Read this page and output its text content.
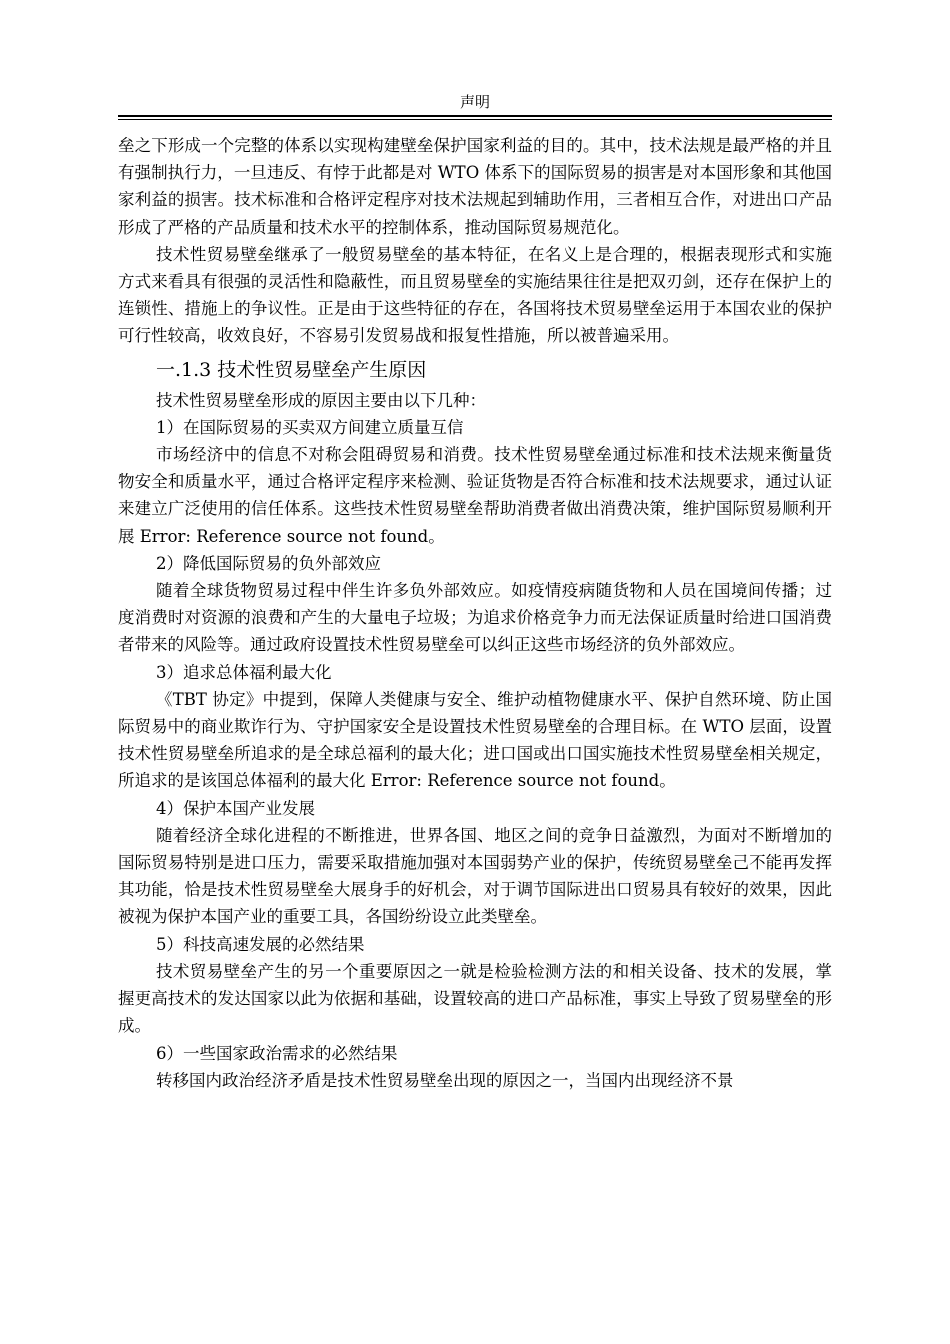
声明

垒之下形成一个完整的体系以实现构建壁垒保护国家利益的目的。其中，技术法规是最严格的并且有强制执行力，一旦违反、有悖于此都是对 WTO 体系下的国际贸易的损害是对本国形象和其他国家利益的损害。技术标准和合格评定程序对技术法规起到辅助作用，三者相互合作，对进出口产品形成了严格的产品质量和技术水平的控制体系，推动国际贸易规范化。

技术性贸易壁垒继承了一般贸易壁垒的基本特征，在名义上是合理的，根据表现形式和实施方式来看具有很强的灵活性和隐蔽性，而且贸易壁垒的实施结果往往是把双刃剑，还存在保护上的连锁性、措施上的争议性。正是由于这些特征的存在，各国将技术贸易壁垒运用于本国农业的保护可行性较高，收效良好，不容易引发贸易战和报复性措施，所以被普遍采用。

一.1.3 技术性贸易壁垒产生原因

技术性贸易壁垒形成的原因主要由以下几种：

1）在国际贸易的买卖双方间建立质量互信

市场经济中的信息不对称会阻碍贸易和消费。技术性贸易壁垒通过标准和技术法规来衡量货物安全和质量水平，通过合格评定程序来检测、验证货物是否符合标准和技术法规要求，通过认证来建立广泛使用的信任体系。这些技术性贸易壁垒帮助消费者做出消费决策，维护国际贸易顺利开展 Error: Reference source not found。

2）降低国际贸易的负外部效应

随着全球货物贸易过程中伴生许多负外部效应。如疫情疫病随货物和人员在国境间传播；过度消费时对资源的浪费和产生的大量电子垃圾；为追求价格竞争力而无法保证质量时给进口国消费者带来的风险等。通过政府设置技术性贸易壁垒可以纠正这些市场经济的负外部效应。

3）追求总体福利最大化

《TBT 协定》中提到，保障人类健康与安全、维护动植物健康水平、保护自然环境、防止国际贸易中的商业欺诈行为、守护国家安全是设置技术性贸易壁垒的合理目标。在 WTO 层面，设置技术性贸易壁垒所追求的是全球总福利的最大化；进口国或出口国实施技术性贸易壁垒相关规定，所追求的是该国总体福利的最大化 Error: Reference source not found。

4）保护本国产业发展

随着经济全球化进程的不断推进，世界各国、地区之间的竞争日益激烈，为面对不断增加的国际贸易特别是进口压力，需要采取措施加强对本国弱势产业的保护，传统贸易壁垒己不能再发挥其功能，恰是技术性贸易壁垒大展身手的好机会，对于调节国际进出口贸易具有较好的效果，因此被视为保护本国产业的重要工具，各国纷纷设立此类壁垒。

5）科技高速发展的必然结果

技术贸易壁垒产生的另一个重要原因之一就是检验检测方法的和相关设备、技术的发展，掌握更高技术的发达国家以此为依据和基础，设置较高的进口产品标准，事实上导致了贸易壁垒的形成。

6）一些国家政治需求的必然结果

转移国内政治经济矛盾是技术性贸易壁垒出现的原因之一，当国内出现经济不景
